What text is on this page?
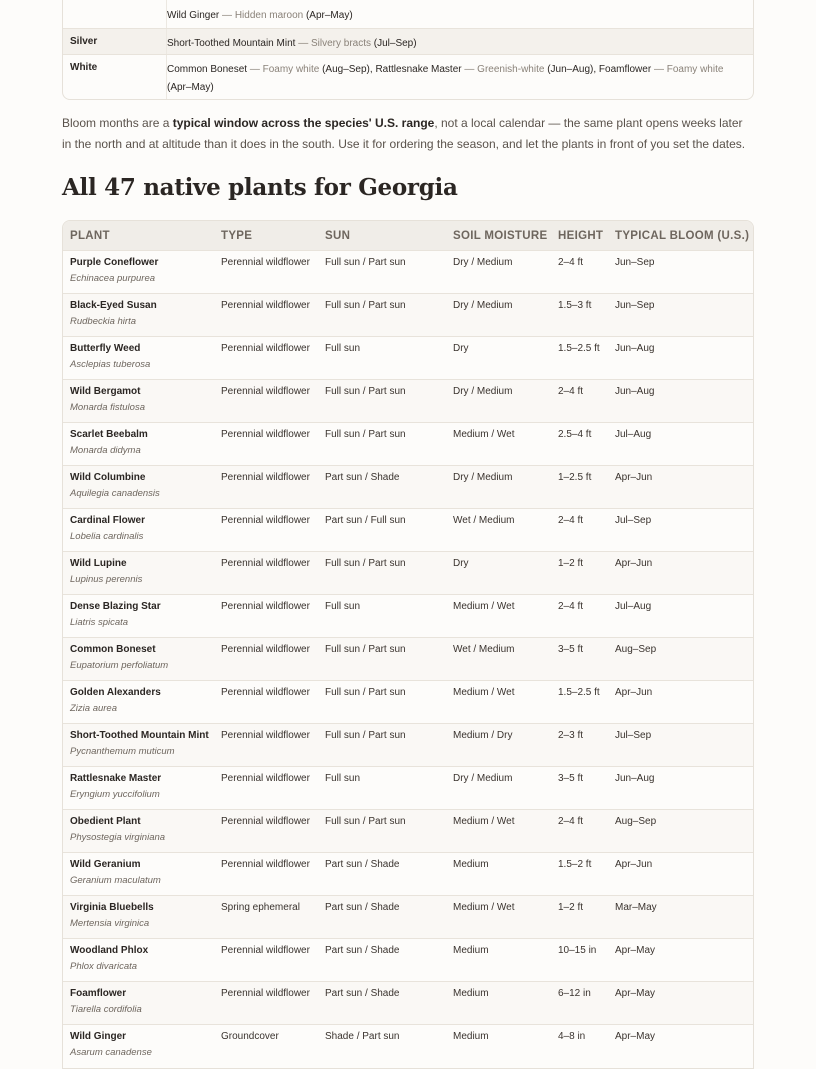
Wild Ginger — Hidden maroon (Apr–May)
Silver	Short-Toothed Mountain Mint — Silvery bracts (Jul–Sep)
White	Common Boneset — Foamy white (Aug–Sep), Rattlesnake Master — Greenish-white (Jun–Aug), Foamflower — Foamy white (Apr–May)

Bloom months are a typical window across the species' U.S. range, not a local calendar — the same plant opens weeks later in the north and at altitude than it does in the south. Use it for ordering the season, and let the plants in front of you set the dates.

All 47 native plants for Georgia
PLANT	TYPE	SUN	SOIL MOISTURE	HEIGHT	TYPICAL BLOOM (U.S.)

Purple Coneflower
Echinacea purpurea	Perennial wildflower	Full sun / Part sun	Dry / Medium	2–4 ft	Jun–Sep

Black-Eyed Susan
Rudbeckia hirta	Perennial wildflower	Full sun / Part sun	Dry / Medium	1.5–3 ft	Jun–Sep

Butterfly Weed
Asclepias tuberosa	Perennial wildflower	Full sun	Dry	1.5–2.5 ft	Jun–Aug

Wild Bergamot
Monarda fistulosa	Perennial wildflower	Full sun / Part sun	Dry / Medium	2–4 ft	Jun–Aug

Scarlet Beebalm
Monarda didyma	Perennial wildflower	Full sun / Part sun	Medium / Wet	2.5–4 ft	Jul–Aug

Wild Columbine
Aquilegia canadensis	Perennial wildflower	Part sun / Shade	Dry / Medium	1–2.5 ft	Apr–Jun

Cardinal Flower
Lobelia cardinalis	Perennial wildflower	Part sun / Full sun	Wet / Medium	2–4 ft	Jul–Sep

Wild Lupine
Lupinus perennis	Perennial wildflower	Full sun / Part sun	Dry	1–2 ft	Apr–Jun

Dense Blazing Star
Liatris spicata	Perennial wildflower	Full sun	Medium / Wet	2–4 ft	Jul–Aug

Common Boneset
Eupatorium perfoliatum	Perennial wildflower	Full sun / Part sun	Wet / Medium	3–5 ft	Aug–Sep

Golden Alexanders
Zizia aurea	Perennial wildflower	Full sun / Part sun	Medium / Wet	1.5–2.5 ft	Apr–Jun

Short-Toothed Mountain Mint
Pycnanthemum muticum	Perennial wildflower	Full sun / Part sun	Medium / Dry	2–3 ft	Jul–Sep

Rattlesnake Master
Eryngium yuccifolium	Perennial wildflower	Full sun	Dry / Medium	3–5 ft	Jun–Aug

Obedient Plant
Physostegia virginiana	Perennial wildflower	Full sun / Part sun	Medium / Wet	2–4 ft	Aug–Sep

Wild Geranium
Geranium maculatum	Perennial wildflower	Part sun / Shade	Medium	1.5–2 ft	Apr–Jun

Virginia Bluebells
Mertensia virginica	Spring ephemeral	Part sun / Shade	Medium / Wet	1–2 ft	Mar–May

Woodland Phlox
Phlox divaricata	Perennial wildflower	Part sun / Shade	Medium	10–15 in	Apr–May

Foamflower
Tiarella cordifolia	Perennial wildflower	Part sun / Shade	Medium	6–12 in	Apr–May

Wild Ginger
Asarum canadense	Groundcover	Shade / Part sun	Medium	4–8 in	Apr–May
